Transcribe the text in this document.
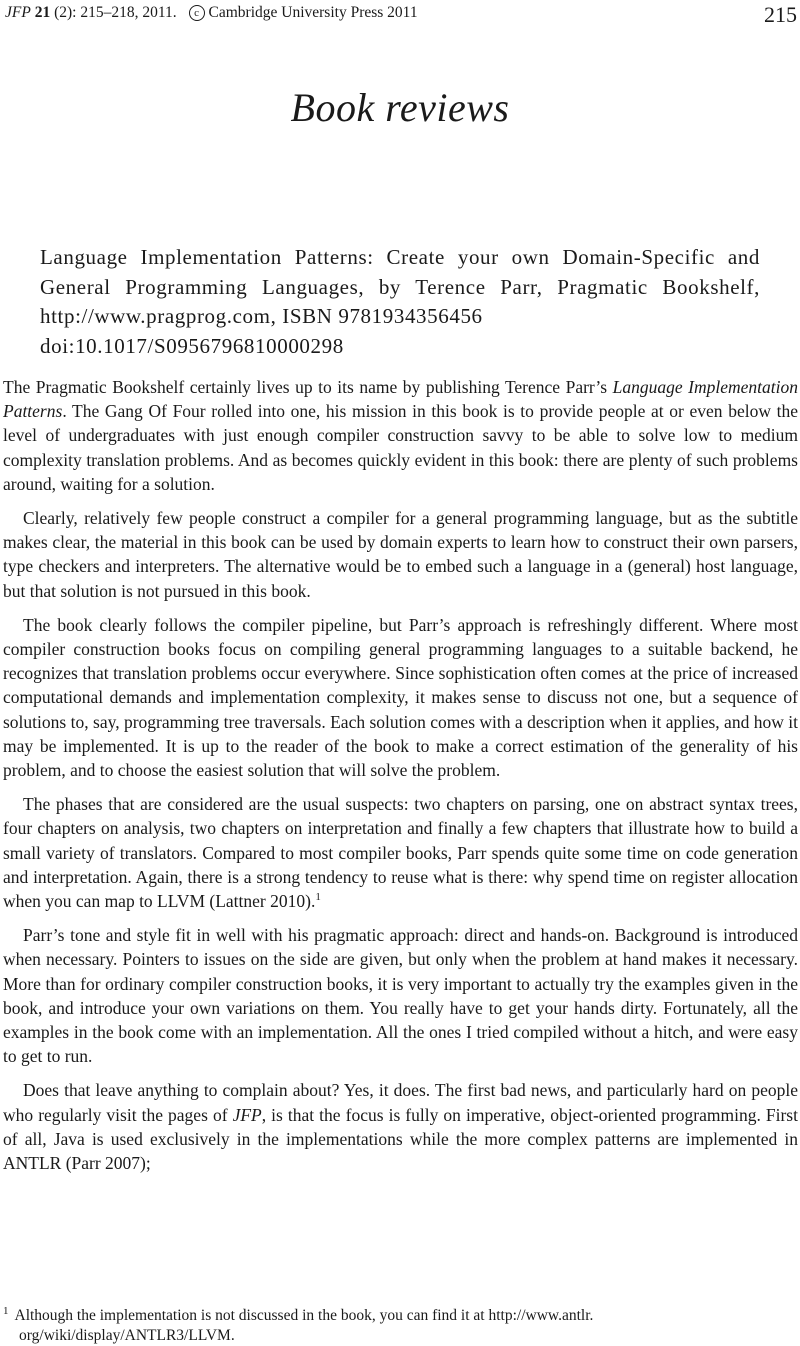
JFP 21 (2): 215–218, 2011. c Cambridge University Press 2011	215
Book reviews
Language Implementation Patterns: Create your own Domain-Specific and
General Programming Languages, by Terence Parr, Pragmatic Bookshelf,
http://www.pragprog.com, ISBN 9781934356456
doi:10.1017/S0956796810000298

The Pragmatic Bookshelf certainly lives up to its name by publishing Terence Parr’s Language Implementation Patterns. The Gang Of Four rolled into one, his mission in this book is to provide people at or even below the level of undergraduates with just enough compiler construction savvy to be able to solve low to medium complexity translation problems. And as becomes quickly evident in this book: there are plenty of such problems around, waiting for a solution.

Clearly, relatively few people construct a compiler for a general programming language, but as the subtitle makes clear, the material in this book can be used by domain experts to learn how to construct their own parsers, type checkers and interpreters. The alternative would be to embed such a language in a (general) host language, but that solution is not pursued in this book.

The book clearly follows the compiler pipeline, but Parr’s approach is refreshingly different. Where most compiler construction books focus on compiling general programming languages to a suitable backend, he recognizes that translation problems occur everywhere. Since sophistication often comes at the price of increased computational demands and implementation complexity, it makes sense to discuss not one, but a sequence of solutions to, say, programming tree traversals. Each solution comes with a description when it applies, and how it may be implemented. It is up to the reader of the book to make a correct estimation of the generality of his problem, and to choose the easiest solution that will solve the problem.

The phases that are considered are the usual suspects: two chapters on parsing, one on abstract syntax trees, four chapters on analysis, two chapters on interpretation and finally a few chapters that illustrate how to build a small variety of translators. Compared to most compiler books, Parr spends quite some time on code generation and interpretation. Again, there is a strong tendency to reuse what is there: why spend time on register allocation when you can map to LLVM (Lattner 2010).$^1$

Parr’s tone and style fit in well with his pragmatic approach: direct and hands-on. Background is introduced when necessary. Pointers to issues on the side are given, but only when the problem at hand makes it necessary. More than for ordinary compiler construction books, it is very important to actually try the examples given in the book, and introduce your own variations on them. You really have to get your hands dirty. Fortunately, all the examples in the book come with an implementation. All the ones I tried compiled without a hitch, and were easy to get to run.

Does that leave anything to complain about? Yes, it does. The first bad news, and particularly hard on people who regularly visit the pages of JFP, is that the focus is fully on imperative, object-oriented programming. First of all, Java is used exclusively in the implementations while the more complex patterns are implemented in ANTLR (Parr 2007);

$^1$ Although the implementation is not discussed in the book, you can find it at http://www.antlr.
org/wiki/display/ANTLR3/LLVM.
